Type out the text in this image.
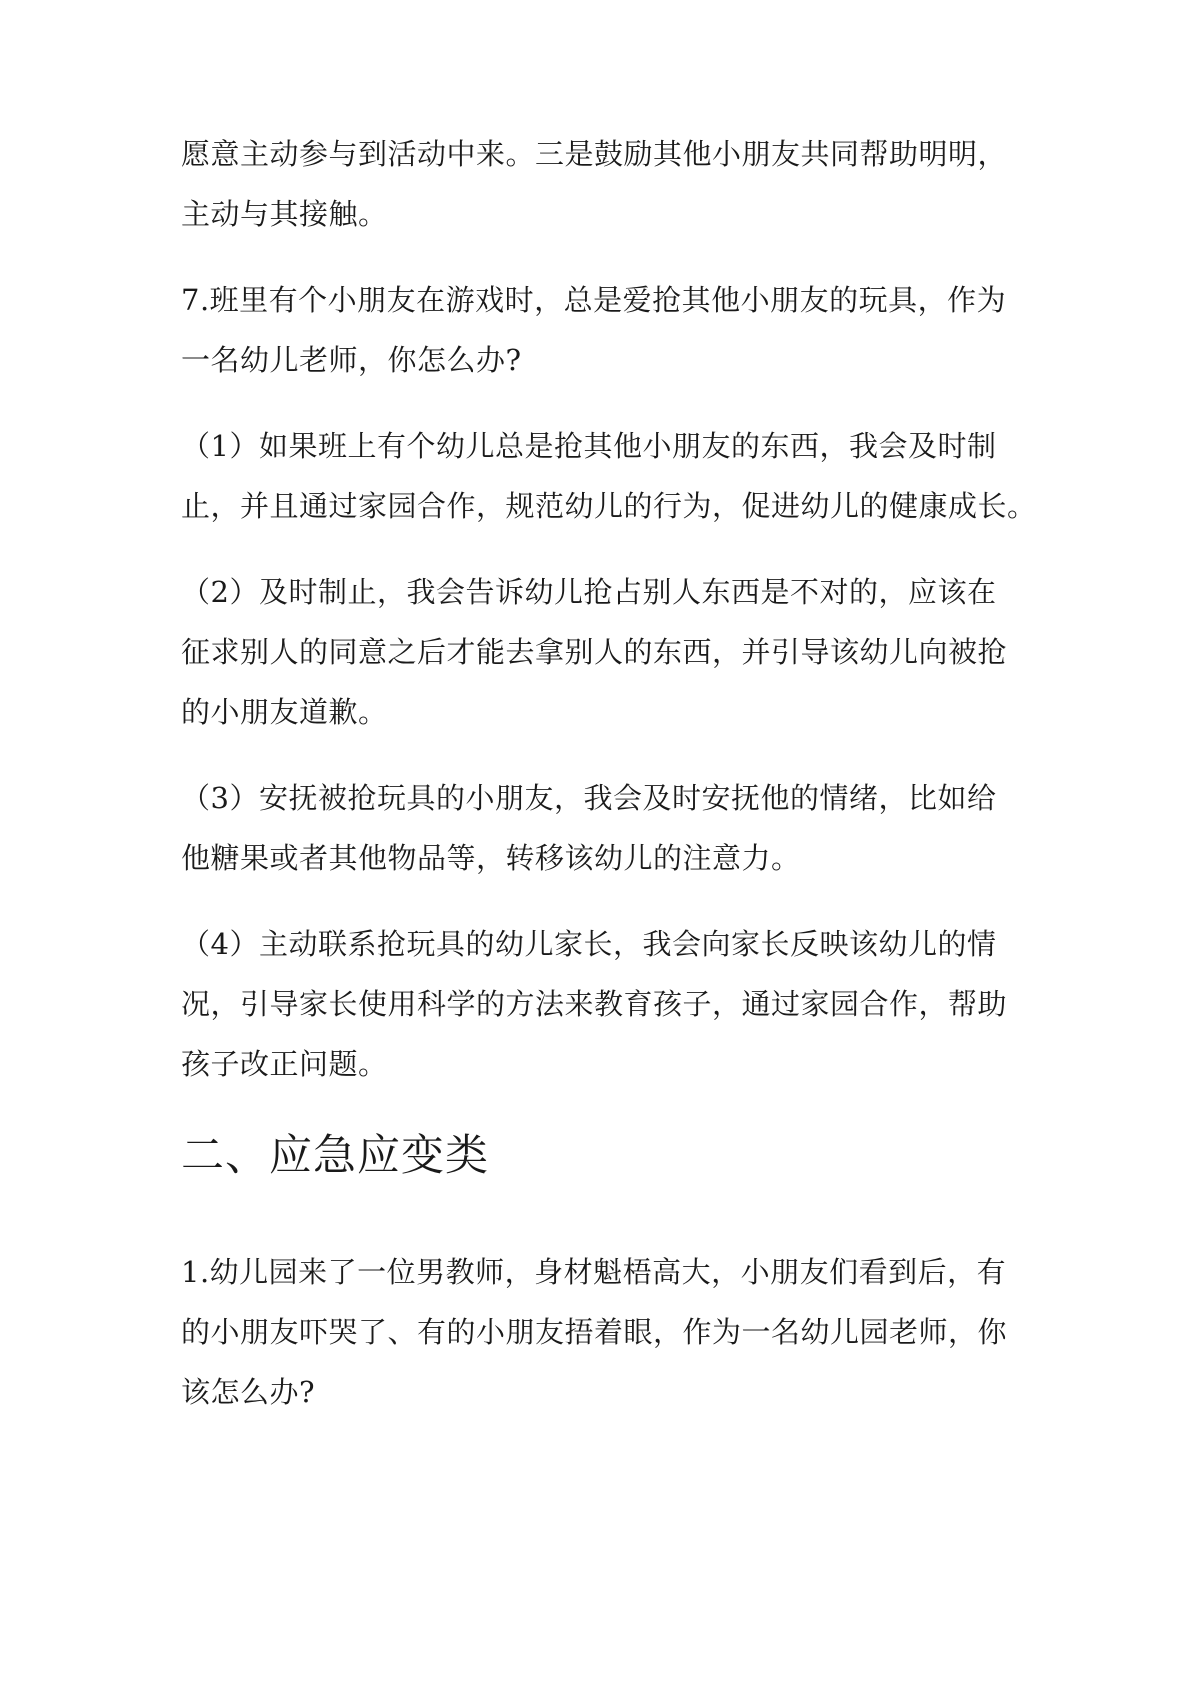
愿意主动参与到活动中来。三是鼓励其他小朋友共同帮助明明，
主动与其接触。
7.班里有个小朋友在游戏时，总是爱抢其他小朋友的玩具，作为
一名幼儿老师，你怎么办?
（1）如果班上有个幼儿总是抢其他小朋友的东西，我会及时制
止，并且通过家园合作，规范幼儿的行为，促进幼儿的健康成长。
（2）及时制止，我会告诉幼儿抢占别人东西是不对的，应该在
征求别人的同意之后才能去拿别人的东西，并引导该幼儿向被抢
的小朋友道歉。
（3）安抚被抢玩具的小朋友，我会及时安抚他的情绪，比如给
他糖果或者其他物品等，转移该幼儿的注意力。
（4）主动联系抢玩具的幼儿家长，我会向家长反映该幼儿的情
况，引导家长使用科学的方法来教育孩子，通过家园合作，帮助
孩子改正问题。
二、应急应变类
1.幼儿园来了一位男教师，身材魁梧高大，小朋友们看到后，有
的小朋友吓哭了、有的小朋友捂着眼，作为一名幼儿园老师，你
该怎么办?
